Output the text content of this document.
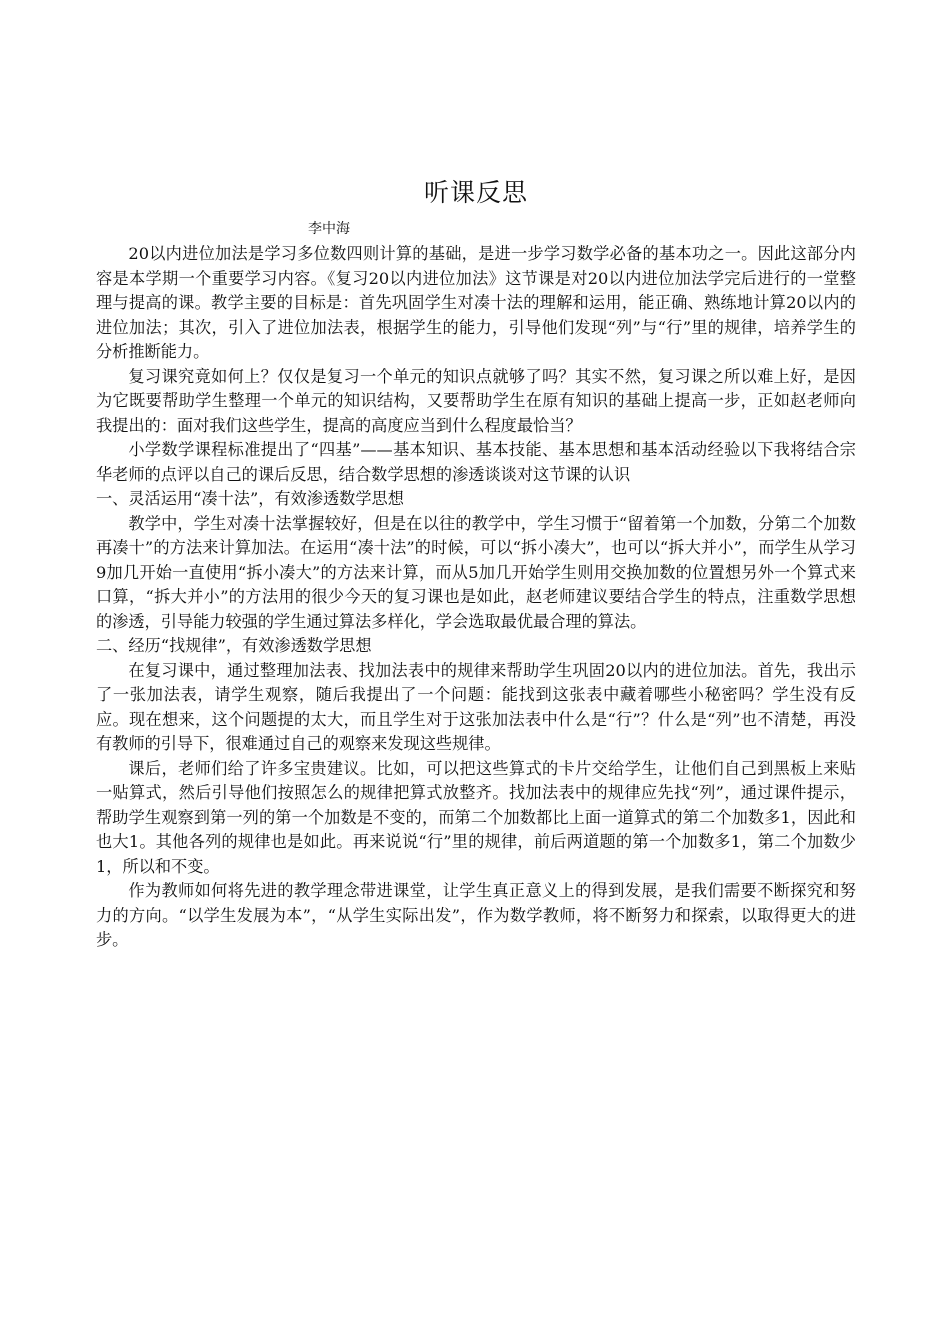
听课反思
李中海

20以内进位加法是学习多位数四则计算的基础，是进一步学习数学必备的基本功之一。因此这部分内容是本学期一个重要学习内容。《复习20以内进位加法》这节课是对20以内进位加法学完后进行的一堂整理与提高的课。教学主要的目标是：首先巩固学生对凑十法的理解和运用，能正确、熟练地计算20以内的进位加法；其次，引入了进位加法表，根据学生的能力，引导他们发现“列”与“行”里的规律，培养学生的分析推断能力。

复习课究竟如何上？仅仅是复习一个单元的知识点就够了吗？其实不然，复习课之所以难上好，是因为它既要帮助学生整理一个单元的知识结构，又要帮助学生在原有知识的基础上提高一步，正如赵老师向我提出的：面对我们这些学生，提高的高度应当到什么程度最恰当？

小学数学课程标准提出了“四基”——基本知识、基本技能、基本思想和基本活动经验以下我将结合宗华老师的点评以自己的课后反思，结合数学思想的渗透谈谈对这节课的认识

一、灵活运用“凑十法”，有效渗透数学思想

教学中，学生对凑十法掌握较好，但是在以往的教学中，学生习惯于“留着第一个加数，分第二个加数再凑十”的方法来计算加法。在运用“凑十法”的时候，可以“拆小凑大”，也可以“拆大并小”，而学生从学习9加几开始一直使用“拆小凑大”的方法来计算，而从5加几开始学生则用交换加数的位置想另外一个算式来口算，“拆大并小”的方法用的很少今天的复习课也是如此，赵老师建议要结合学生的特点，注重数学思想的渗透，引导能力较强的学生通过算法多样化，学会选取最优最合理的算法。

二、经历“找规律”，有效渗透数学思想

在复习课中，通过整理加法表、找加法表中的规律来帮助学生巩固20以内的进位加法。首先，我出示了一张加法表，请学生观察，随后我提出了一个问题：能找到这张表中藏着哪些小秘密吗？学生没有反应。现在想来，这个问题提的太大，而且学生对于这张加法表中什么是“行”？什么是“列”也不清楚，再没有教师的引导下，很难通过自己的观察来发现这些规律。

课后，老师们给了许多宝贵建议。比如，可以把这些算式的卡片交给学生，让他们自己到黑板上来贴一贴算式，然后引导他们按照怎么的规律把算式放整齐。找加法表中的规律应先找“列”，通过课件提示，帮助学生观察到第一列的第一个加数是不变的，而第二个加数都比上面一道算式的第二个加数多1，因此和也大1。其他各列的规律也是如此。再来说说“行”里的规律，前后两道题的第一个加数多1，第二个加数少1，所以和不变。

作为教师如何将先进的教学理念带进课堂，让学生真正意义上的得到发展，是我们需要不断探究和努力的方向。“以学生发展为本”，“从学生实际出发”，作为数学教师，将不断努力和探索，以取得更大的进步。
